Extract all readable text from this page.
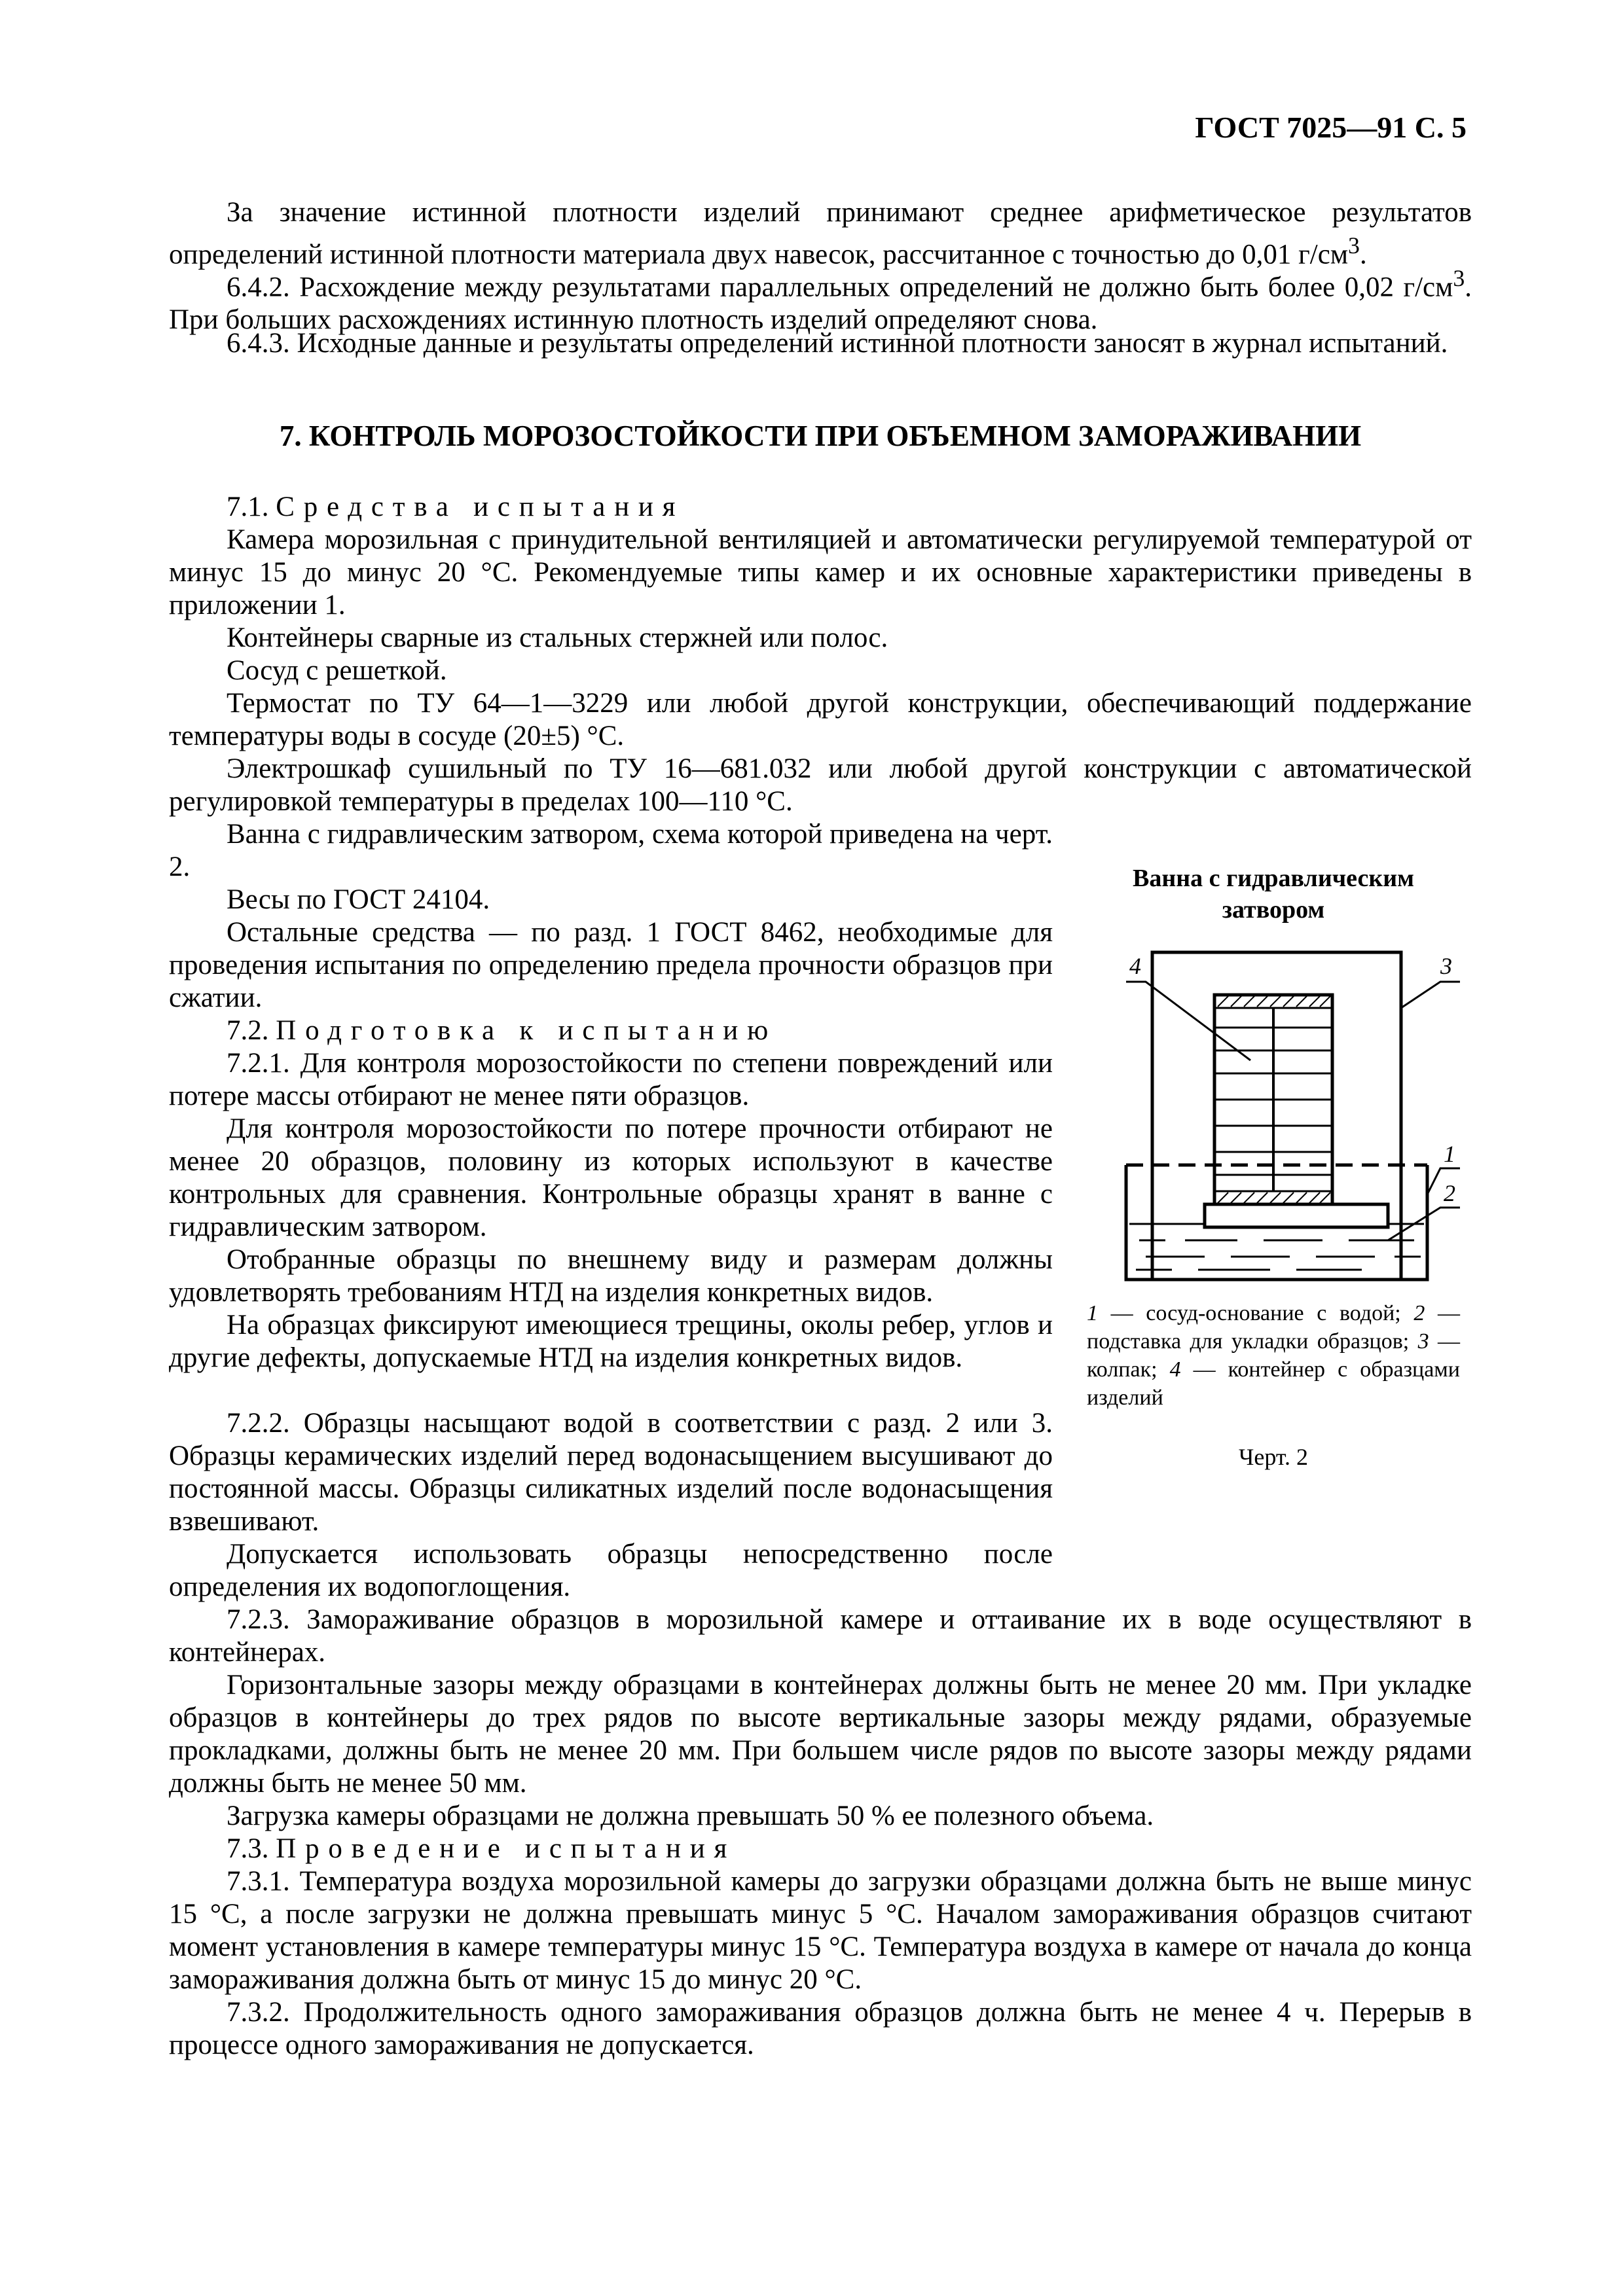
ГОСТ 7025—91 С. 5

За значение истинной плотности изделий принимают среднее арифметическое результатов определений истинной плотности материала двух навесок, рассчитанное с точностью до 0,01 $г/см^3$.

6.4.2. Расхождение между результатами параллельных определений не должно быть более 0,02 $г/см^3$. При больших расхождениях истинную плотность изделий определяют снова.

6.4.3. Исходные данные и результаты определений истинной плотности заносят в журнал испытаний.

7. КОНТРОЛЬ МОРОЗОСТОЙКОСТИ ПРИ ОБЪЕМНОМ ЗАМОРАЖИВАНИИ

7.1. Средства испытания

Камера морозильная с принудительной вентиляцией и автоматически регулируемой температурой от минус 15 до минус 20 °С. Рекомендуемые типы камер и их основные характеристики приведены в приложении 1.

Контейнеры сварные из стальных стержней или полос.

Сосуд с решеткой.

Термостат по ТУ 64—1—3229 или любой другой конструкции, обеспечивающий поддержание температуры воды в сосуде (20±5) °С.

Электрошкаф сушильный по ТУ 16—681.032 или любой другой конструкции с автоматической регулировкой температуры в пределах 100—110 °С.

Ванна с гидравлическим затвором, схема которой приведена на черт. 2.

Весы по ГОСТ 24104.

Остальные средства — по разд. 1 ГОСТ 8462, необходимые для проведения испытания по определению предела прочности образцов при сжатии.

7.2. Подготовка к испытанию

7.2.1. Для контроля морозостойкости по степени повреждений или потере массы отбирают не менее пяти образцов.

Для контроля морозостойкости по потере прочности отбирают не менее 20 образцов, половину из которых используют в качестве контрольных для сравнения. Контрольные образцы хранят в ванне с гидравлическим затвором.

Отобранные образцы по внешнему виду и размерам должны удовлетворять требованиям НТД на изделия конкретных видов.

На образцах фиксируют имеющиеся трещины, околы ребер, углов и другие дефекты, допускаемые НТД на изделия конкретных видов.

7.2.2. Образцы насыщают водой в соответствии с разд. 2 или 3. Образцы керамических изделий перед водонасыщением высушивают до постоянной массы. Образцы силикатных изделий после водонасыщения взвешивают.

Допускается использовать образцы непосредственно после определения их водопоглощения.

7.2.3. Замораживание образцов в морозильной камере и оттаивание их в воде осуществляют в контейнерах.

Горизонтальные зазоры между образцами в контейнерах должны быть не менее 20 мм. При укладке образцов в контейнеры до трех рядов по высоте вертикальные зазоры между рядами, образуемые прокладками, должны быть не менее 20 мм. При большем числе рядов по высоте зазоры между рядами должны быть не менее 50 мм.

Загрузка камеры образцами не должна превышать 50 % ее полезного объема.

7.3. Проведение испытания

7.3.1. Температура воздуха морозильной камеры до загрузки образцами должна быть не выше минус 15 °С, а после загрузки не должна превышать минус 5 °С. Началом замораживания образцов считают момент установления в камере температуры минус 15 °С. Температура воздуха в камере от начала до конца замораживания должна быть от минус 15 до минус 20 °С.

7.3.2. Продолжительность одного замораживания образцов должна быть не менее 4 ч. Перерыв в процессе одного замораживания не допускается.

Ванна с гидравлическим затвором
4	3
1
2
1 — сосуд-основание с водой; 2 — подставка для укладки образцов; 3 — колпак; 4 — контейнер с образцами изделий
Черт. 2
